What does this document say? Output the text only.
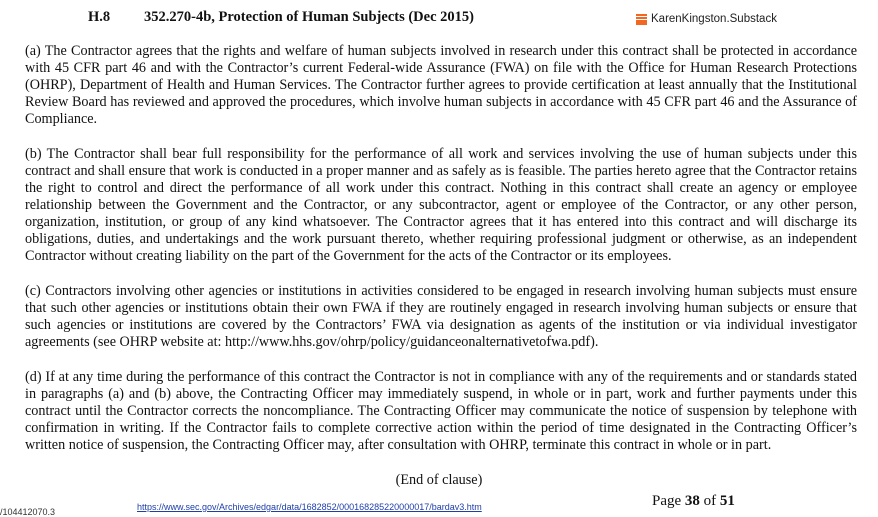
H.8 352.270-4b, Protection of Human Subjects (Dec 2015)	KarenKingston.Substack

(a) The Contractor agrees that the rights and welfare of human subjects involved in research under this contract shall be protected in accordance with 45 CFR part 46 and with the Contractor’s current Federal-wide Assurance (FWA) on file with the Office for Human Research Protections (OHRP), Department of Health and Human Services. The Contractor further agrees to provide certification at least annually that the Institutional Review Board has reviewed and approved the procedures, which involve human subjects in accordance with 45 CFR part 46 and the Assurance of Compliance.

(b) The Contractor shall bear full responsibility for the performance of all work and services involving the use of human subjects under this contract and shall ensure that work is conducted in a proper manner and as safely as is feasible. The parties hereto agree that the Contractor retains the right to control and direct the performance of all work under this contract. Nothing in this contract shall create an agency or employee relationship between the Government and the Contractor, or any subcontractor, agent or employee of the Contractor, or any other person, organization, institution, or group of any kind whatsoever. The Contractor agrees that it has entered into this contract and will discharge its obligations, duties, and undertakings and the work pursuant thereto, whether requiring professional judgment or otherwise, as an independent Contractor without creating liability on the part of the Government for the acts of the Contractor or its employees.

(c) Contractors involving other agencies or institutions in activities considered to be engaged in research involving human subjects must ensure that such other agencies or institutions obtain their own FWA if they are routinely engaged in research involving human subjects or ensure that such agencies or institutions are covered by the Contractors’ FWA via designation as agents of the institution or via individual investigator agreements (see OHRP website at: http://www.hhs.gov/ohrp/policy/guidanceonalternativetofwa.pdf).

(d) If at any time during the performance of this contract the Contractor is not in compliance with any of the requirements and or standards stated in paragraphs (a) and (b) above, the Contracting Officer may immediately suspend, in whole or in part, work and further payments under this contract until the Contractor corrects the noncompliance. The Contracting Officer may communicate the notice of suspension by telephone with confirmation in writing. If the Contractor fails to complete corrective action within the period of time designated in the Contracting Officer’s written notice of suspension, the Contracting Officer may, after consultation with OHRP, terminate this contract in whole or in part.

(End of clause)
/104412070.3	https://www.sec.gov/Archives/edgar/data/1682852/000168285220000017/bardav3.htm	Page 38 of 51
